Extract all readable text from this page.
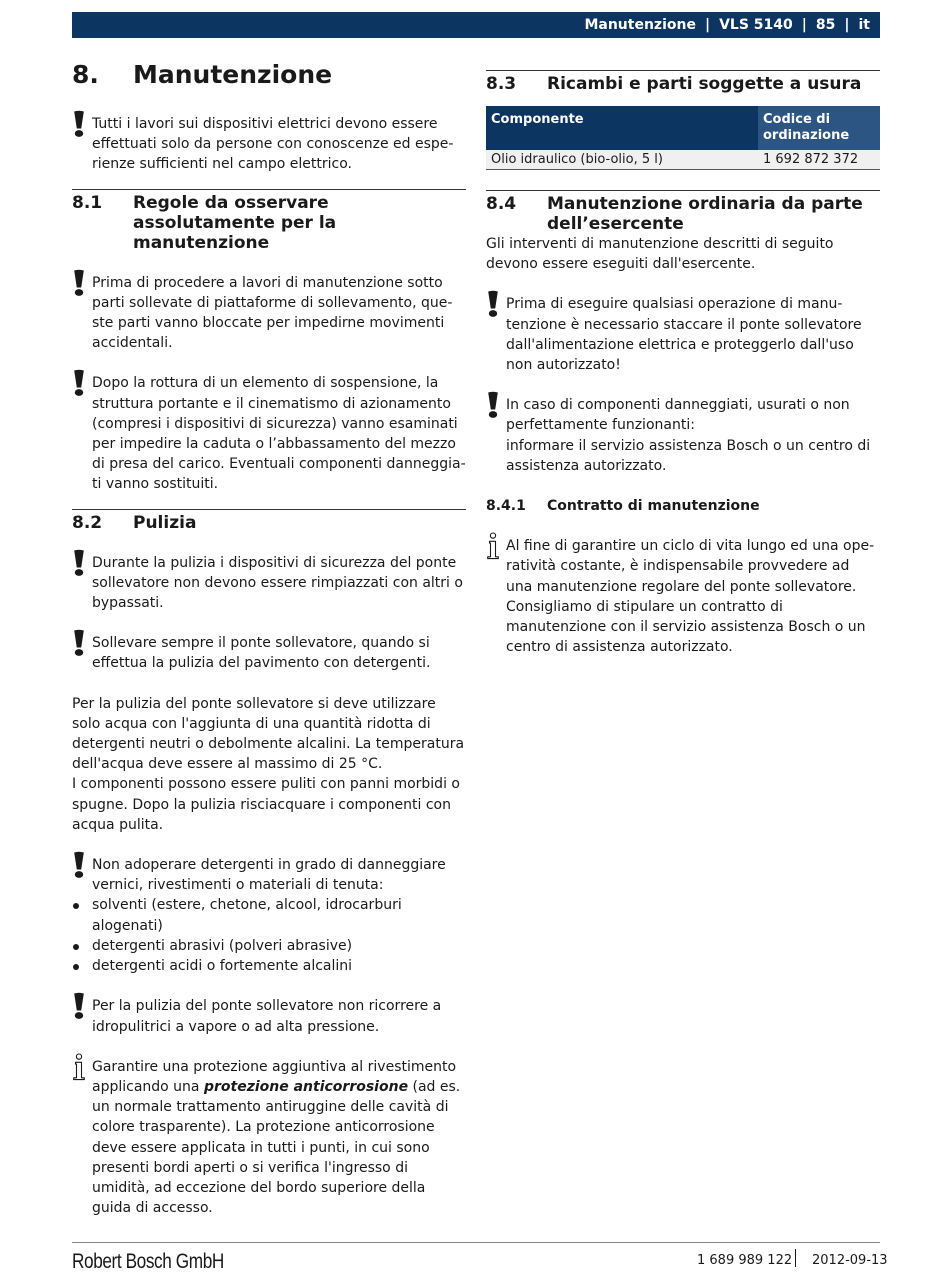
Manutenzione | VLS 5140 | 85 | it
8.	Manutenzione

Tutti i lavori sui dispositivi elettrici devono essere effettuati solo da persone con conoscenze ed esperienze sufficienti nel campo elettrico.

8.1	Regole da osservare assolutamente per la manutenzione

Prima di procedere a lavori di manutenzione sotto parti sollevate di piattaforme di sollevamento, queste parti vanno bloccate per impedirne movimenti accidentali.

Dopo la rottura di un elemento di sospensione, la struttura portante e il cinematismo di azionamento (compresi i dispositivi di sicurezza) vanno esaminati per impedire la caduta o l’abbassamento del mezzo di presa del carico. Eventuali componenti danneggiati vanno sostituiti.

8.2	Pulizia

Durante la pulizia i dispositivi di sicurezza del ponte sollevatore non devono essere rimpiazzati con altri o bypassati.

Sollevare sempre il ponte sollevatore, quando si effettua la pulizia del pavimento con detergenti.

Per la pulizia del ponte sollevatore si deve utilizzare solo acqua con l'aggiunta di una quantità ridotta di detergenti neutri o debolmente alcalini. La temperatura dell'acqua deve essere al massimo di 25 °C.
I componenti possono essere puliti con panni morbidi o spugne. Dopo la pulizia risciacquare i componenti con acqua pulita.

Non adoperare detergenti in grado di danneggiare vernici, rivestimenti o materiali di tenuta:

solventi (estere, chetone, alcool, idrocarburi alogenati)
detergenti abrasivi (polveri abrasive)
detergenti acidi o fortemente alcalini

Per la pulizia del ponte sollevatore non ricorrere a idropulitrici a vapore o ad alta pressione.

Garantire una protezione aggiuntiva al rivestimento applicando una protezione anticorrosione (ad es. un normale trattamento antiruggine delle cavità di colore trasparente). La protezione anticorrosione deve essere applicata in tutti i punti, in cui sono presenti bordi aperti o si verifica l'ingresso di umidità, ad eccezione del bordo superiore della guida di accesso.

8.3	Ricambi e parti soggette a usura
Componente	Codice di ordinazione
Olio idraulico (bio-olio, 5 l)	1 692 872 372
8.4	Manutenzione ordinaria da parte dell’esercente

Gli interventi di manutenzione descritti di seguito devono essere eseguiti dall'esercente.

Prima di eseguire qualsiasi operazione di manutenzione è necessario staccare il ponte sollevatore dall'alimentazione elettrica e proteggerlo dall'uso non autorizzato!

In caso di componenti danneggiati, usurati o non perfettamente funzionanti:
informare il servizio assistenza Bosch o un centro di assistenza autorizzato.

8.4.1	Contratto di manutenzione

Al fine di garantire un ciclo di vita lungo ed una operatività costante, è indispensabile provvedere ad una manutenzione regolare del ponte sollevatore. Consigliamo di stipulare un contratto di manutenzione con il servizio assistenza Bosch o un centro di assistenza autorizzato.

Robert Bosch GmbH	1 689 989 122 2012-09-13
